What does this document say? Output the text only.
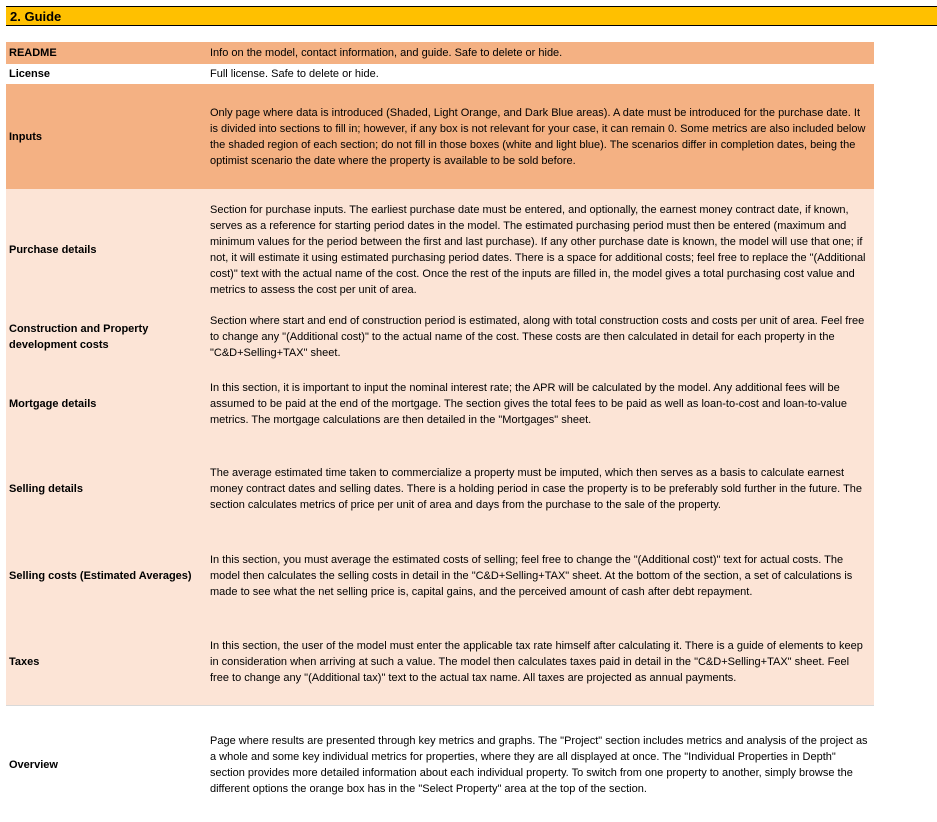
2. Guide
README	Info on the model, contact information, and guide. Safe to delete or hide.
License	Full license. Safe to delete or hide.
Inputs
Only page where data is introduced (Shaded, Light Orange, and Dark Blue areas). A date must be introduced for the purchase date. It is divided into sections to fill in; however, if any box is not relevant for your case, it can remain 0. Some metrics are also included below the shaded region of each section; do not fill in those boxes (white and light blue). The scenarios differ in completion dates, being the optimist scenario the date where the property is available to be sold before.
Purchase details
Section for purchase inputs. The earliest purchase date must be entered, and optionally, the earnest money contract date, if known, serves as a reference for starting period dates in the model. The estimated purchasing period must then be entered (maximum and minimum values for the period between the first and last purchase). If any other purchase date is known, the model will use that one; if not, it will estimate it using estimated purchasing period dates. There is a space for additional costs; feel free to replace the "(Additional cost)" text with the actual name of the cost. Once the rest of the inputs are filled in, the model gives a total purchasing cost value and metrics to assess the cost per unit of area.
Construction and Property development costs
Section where start and end of construction period is estimated, along with total construction costs and costs per unit of area. Feel free to change any "(Additional cost)" to the actual name of the cost. These costs are then calculated in detail for each property in the "C&D+Selling+TAX" sheet.
Mortgage details
In this section, it is important to input the nominal interest rate; the APR will be calculated by the model. Any additional fees will be assumed to be paid at the end of the mortgage. The section gives the total fees to be paid as well as loan-to-cost and loan-to-value metrics. The mortgage calculations are then detailed in the "Mortgages" sheet.
Selling details
The average estimated time taken to commercialize a property must be imputed, which then serves as a basis to calculate earnest money contract dates and selling dates. There is a holding period in case the property is to be preferably sold further in the future. The section calculates metrics of price per unit of area and days from the purchase to the sale of the property.
Selling costs (Estimated Averages)
In this section, you must average the estimated costs of selling; feel free to change the "(Additional cost)" text for actual costs. The model then calculates the selling costs in detail in the "C&D+Selling+TAX" sheet. At the bottom of the section, a set of calculations is made to see what the net selling price is, capital gains, and the perceived amount of cash after debt repayment.
Taxes
In this section, the user of the model must enter the applicable tax rate himself after calculating it. There is a guide of elements to keep in consideration when arriving at such a value. The model then calculates taxes paid in detail in the "C&D+Selling+TAX" sheet. Feel free to change any "(Additional tax)" text to the actual tax name. All taxes are projected as annual payments.
Overview
Page where results are presented through key metrics and graphs. The "Project" section includes metrics and analysis of the project as a whole and some key individual metrics for properties, where they are all displayed at once. The "Individual Properties in Depth" section provides more detailed information about each individual property. To switch from one property to another, simply browse the different options the orange box has in the "Select Property" area at the top of the section.
